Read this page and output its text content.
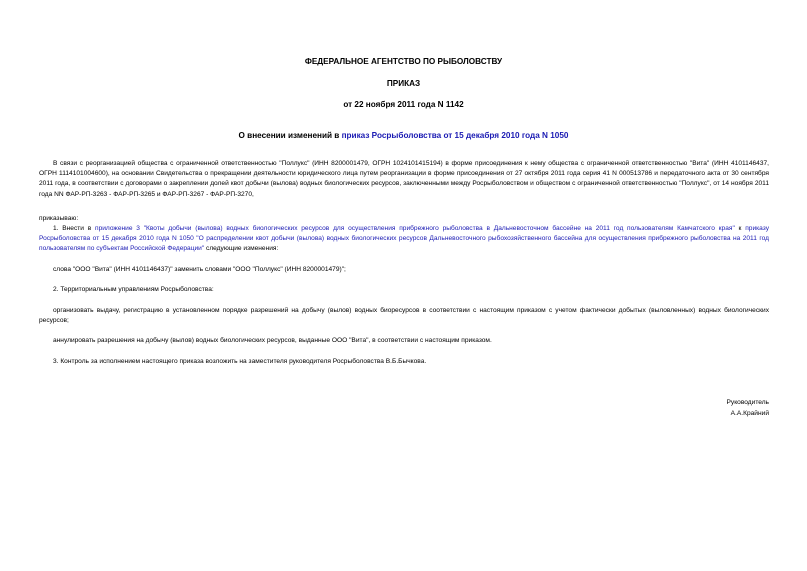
ФЕДЕРАЛЬНОЕ АГЕНТСТВО ПО РЫБОЛОВСТВУ
ПРИКАЗ
от 22 ноября 2011 года N 1142
О внесении изменений в приказ Росрыболовства от 15 декабря 2010 года N 1050
В связи с реорганизацией общества с ограниченной ответственностью "Поллукс" (ИНН 8200001479, ОГРН 1024101415194) в форме присоединения к нему общества с ограниченной ответственностью "Вита" (ИНН 4101146437, ОГРН 1114101004600), на основании Свидетельства о прекращении деятельности юридического лица путем реорганизации в форме присоединения от 27 октября 2011 года серия 41 N 000513786 и передаточного акта от 30 сентября 2011 года, в соответствии с договорами о закреплении долей квот добычи (вылова) водных биологических ресурсов, заключенными между Росрыболовством и обществом с ограниченной ответственностью "Поллукс", от 14 ноября 2011 года NN ФАР-РП-3263 - ФАР-РП-3265 и ФАР-РП-3267 - ФАР-РП-3270,
приказываю:
1. Внести в приложение 3 "Квоты добычи (вылова) водных биологических ресурсов для осуществления прибрежного рыболовства в Дальневосточном бассейне на 2011 год пользователям Камчатского края" к приказу Росрыболовства от 15 декабря 2010 года N 1050 "О распределении квот добычи (вылова) водных биологических ресурсов Дальневосточного рыбохозяйственного бассейна для осуществления прибрежного рыболовства на 2011 год пользователям по субъектам Российской Федерации" следующие изменения:
слова "ООО "Вита" (ИНН 4101146437)" заменить словами "ООО "Поллукс" (ИНН 8200001479)";
2. Территориальным управлениям Росрыболовства:
организовать выдачу, регистрацию в установленном порядке разрешений на добычу (вылов) водных биоресурсов в соответствии с настоящим приказом с учетом фактически добытых (выловленных) водных биологических ресурсов;
аннулировать разрешения на добычу (вылов) водных биологических ресурсов, выданные ООО "Вита", в соответствии с настоящим приказом.
3. Контроль за исполнением настоящего приказа возложить на заместителя руководителя Росрыболовства В.Б.Бычкова.
Руководитель
А.А.Крайний
